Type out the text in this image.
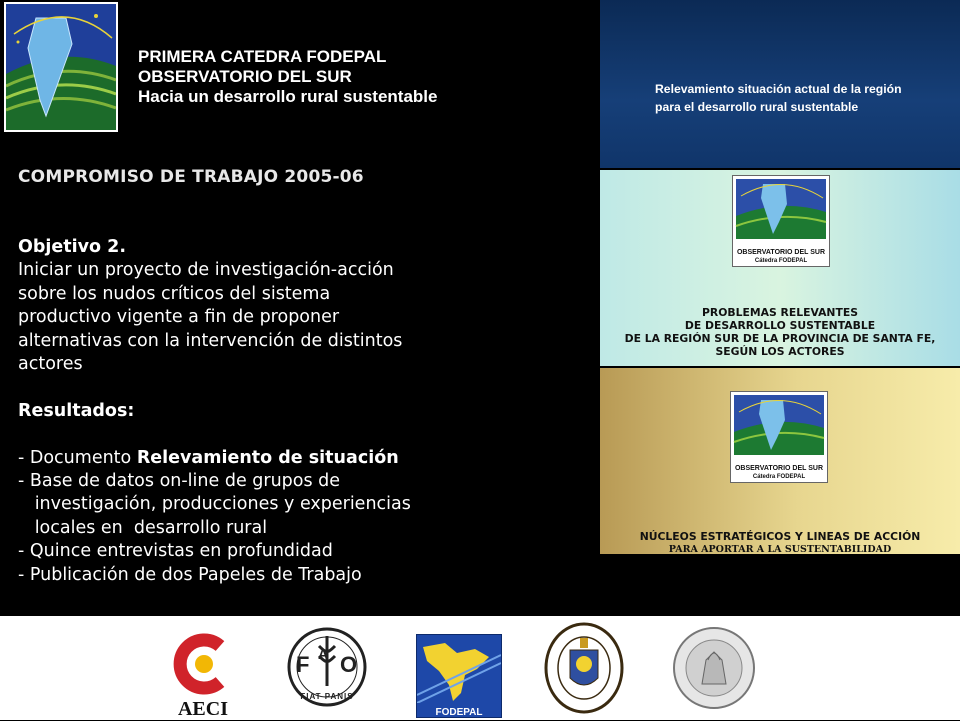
PRIMERA CATEDRA FODEPAL
OBSERVATORIO DEL SUR
Hacia un desarrollo rural sustentable
COMPROMISO DE TRABAJO 2005-06
Objetivo 2.
Iniciar un proyecto de investigación-acción
sobre los nudos críticos del sistema
productivo vigente a fin de proponer
alternativas con la intervención de distintos
actores
Resultados:
- Documento Relevamiento de situación
- Base de datos on-line de grupos de
investigación, producciones y experiencias
locales en  desarrollo rural
- Quince entrevistas en profundidad
- Publicación de dos Papeles de Trabajo
Relevamiento situación actual de la región
para el desarrollo rural sustentable
OBSERVATORIO DEL SUR
Cátedra FODEPAL
PROBLEMAS RELEVANTES
DE DESARROLLO SUSTENTABLE
DE LA REGIÓN SUR DE LA PROVINCIA DE SANTA FE,
SEGÚN LOS ACTORES
OBSERVATORIO DEL SUR
Cátedra FODEPAL
NÚCLEOS ESTRATÉGICOS Y LINEAS DE ACCIÓN
PARA APORTAR A LA SUSTENTABILIDAD
AECI
F A O
FIAT PANIS
FODEPAL
